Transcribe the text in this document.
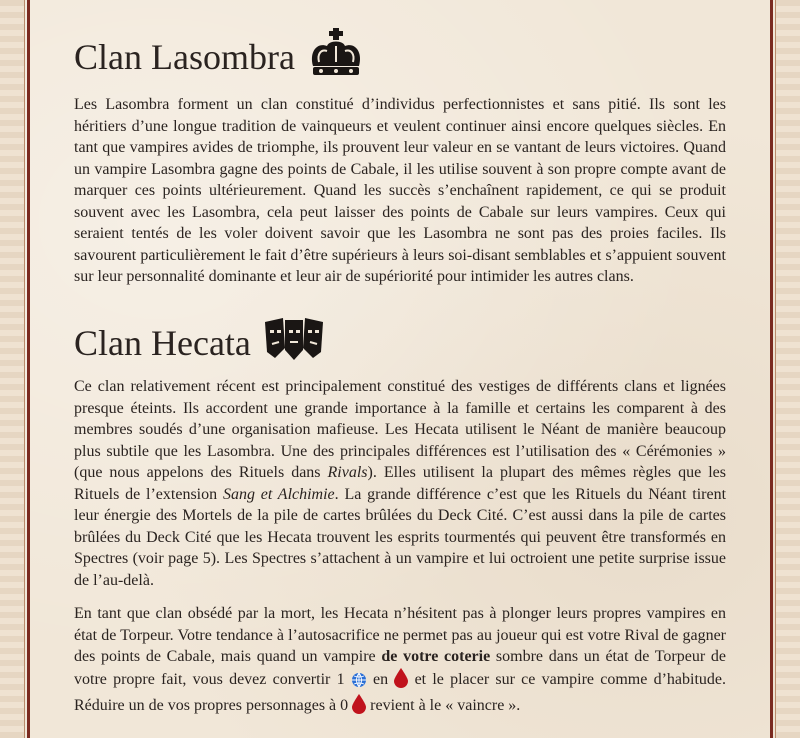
Clan Lasombra

Les Lasombra forment un clan constitué d’individus perfectionnistes et sans pitié. Ils sont les héritiers d’une longue tradition de vainqueurs et veulent continuer ainsi encore quelques siècles. En tant que vampires avides de triomphe, ils prouvent leur valeur en se vantant de leurs victoires. Quand un vampire Lasombra gagne des points de Cabale, il les utilise souvent à son propre compte avant de marquer ces points ultérieurement. Quand les succès s’enchaînent rapidement, ce qui se produit souvent avec les Lasombra, cela peut laisser des points de Cabale sur leurs vampires. Ceux qui seraient tentés de les voler doivent savoir que les Lasombra ne sont pas des proies faciles. Ils savourent particulièrement le fait d’être supérieurs à leurs soi-disant semblables et s’appuient souvent sur leur personnalité dominante et leur air de supériorité pour intimider les autres clans.

Clan Hecata

Ce clan relativement récent est principalement constitué des vestiges de différents clans et lignées presque éteints. Ils accordent une grande importance à la famille et certains les comparent à des membres soudés d’une organisation mafieuse. Les Hecata utilisent le Néant de manière beaucoup plus subtile que les Lasombra. Une des principales différences est l’utilisation des « Cérémonies » (que nous appelons des Rituels dans Rivals). Elles utilisent la plupart des mêmes règles que les Rituels de l’extension Sang et Alchimie. La grande différence c’est que les Rituels du Néant tirent leur énergie des Mortels de la pile de cartes brûlées du Deck Cité. C’est aussi dans la pile de cartes brûlées du Deck Cité que les Hecata trouvent les esprits tourmentés qui peuvent être transformés en Spectres (voir page 5). Les Spectres s’attachent à un vampire et lui octroient une petite surprise issue de l’au-delà.

En tant que clan obsédé par la mort, les Hecata n’hésitent pas à plonger leurs propres vampires en état de Torpeur. Votre tendance à l’autosacrifice ne permet pas au joueur qui est votre Rival de gagner des points de Cabale, mais quand un vampire de votre coterie sombre dans un état de Torpeur de votre propre fait, vous devez convertir 1  en  et le placer sur ce vampire comme d’habitude. Réduire un de vos propres personnages à 0  revient à le « vaincre ».
